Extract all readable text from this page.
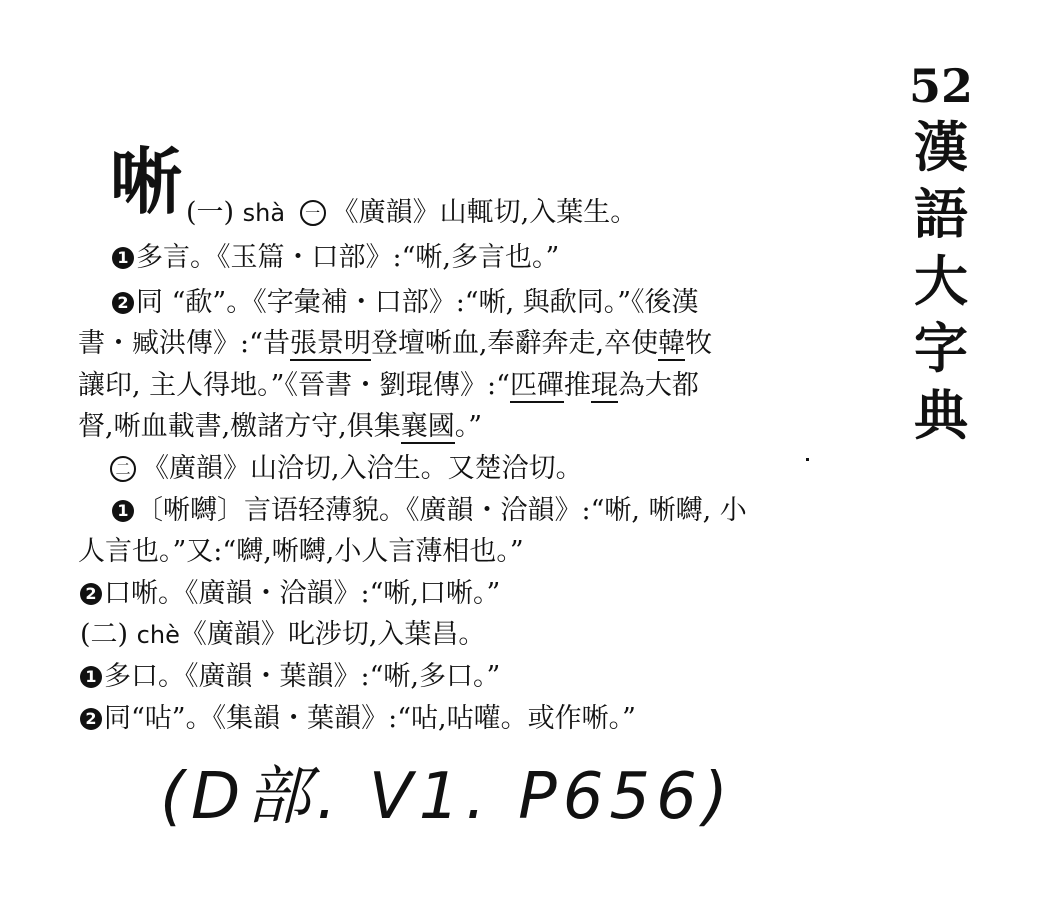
52
漢
語
大
字
典
唽 (一) shà 一 《廣韻》山輒切,入葉生。
1 多言。《玉篇・口部》:“唽,多言也。”
2 同 “歃”。《字彙補・口部》:“唽, 與歃同。”《後漢
書・臧洪傳》:“昔張景明登壇唽血,奉辭奔走,卒使韓牧
讓印, 主人得地。”《晉書・劉琨傳》:“匹磾推琨為大都
督,唽血載書,檄諸方守,俱集襄國。”
二 《廣韻》山洽切,入洽生。又楚洽切。
1 〔唽嚩〕言语轻薄貌。《廣韻・洽韻》:“唽, 唽嚩, 小
人言也。”又:“嚩,唽嚩,小人言薄相也。”
2 口唽。《廣韻・洽韻》:“唽,口唽。”
(二) chè《廣韻》叱涉切,入葉昌。
1 多口。《廣韻・葉韻》:“唽,多口。”
2 同“呫”。《集韻・葉韻》:“呫,呫嚾。或作唽。”
(D部. V1. P656)
